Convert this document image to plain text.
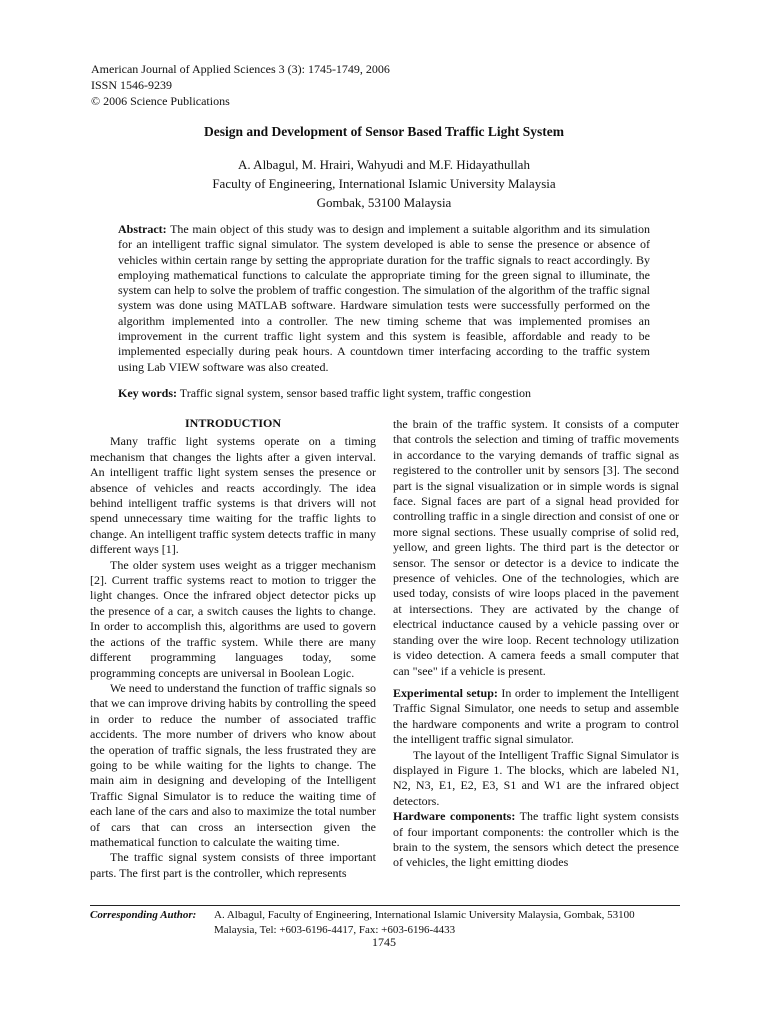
American Journal of Applied Sciences 3 (3): 1745-1749, 2006
ISSN 1546-9239
© 2006 Science Publications
Design and Development of Sensor Based Traffic Light System
A. Albagul, M. Hrairi, Wahyudi and M.F. Hidayathullah
Faculty of Engineering, International Islamic University Malaysia
Gombak, 53100 Malaysia
Abstract: The main object of this study was to design and implement a suitable algorithm and its simulation for an intelligent traffic signal simulator. The system developed is able to sense the presence or absence of vehicles within certain range by setting the appropriate duration for the traffic signals to react accordingly. By employing mathematical functions to calculate the appropriate timing for the green signal to illuminate, the system can help to solve the problem of traffic congestion. The simulation of the algorithm of the traffic signal system was done using MATLAB software. Hardware simulation tests were successfully performed on the algorithm implemented into a controller. The new timing scheme that was implemented promises an improvement in the current traffic light system and this system is feasible, affordable and ready to be implemented especially during peak hours. A countdown timer interfacing according to the traffic system using Lab VIEW software was also created.
Key words: Traffic signal system, sensor based traffic light system, traffic congestion
INTRODUCTION

Many traffic light systems operate on a timing mechanism that changes the lights after a given interval. An intelligent traffic light system senses the presence or absence of vehicles and reacts accordingly. The idea behind intelligent traffic systems is that drivers will not spend unnecessary time waiting for the traffic lights to change. An intelligent traffic system detects traffic in many different ways [1].

The older system uses weight as a trigger mechanism [2]. Current traffic systems react to motion to trigger the light changes. Once the infrared object detector picks up the presence of a car, a switch causes the lights to change. In order to accomplish this, algorithms are used to govern the actions of the traffic system. While there are many different programming languages today, some programming concepts are universal in Boolean Logic.

We need to understand the function of traffic signals so that we can improve driving habits by controlling the speed in order to reduce the number of associated traffic accidents. The more number of drivers who know about the operation of traffic signals, the less frustrated they are going to be while waiting for the lights to change. The main aim in designing and developing of the Intelligent Traffic Signal Simulator is to reduce the waiting time of each lane of the cars and also to maximize the total number of cars that can cross an intersection given the mathematical function to calculate the waiting time.

The traffic signal system consists of three important parts. The first part is the controller, which represents

the brain of the traffic system. It consists of a computer that controls the selection and timing of traffic movements in accordance to the varying demands of traffic signal as registered to the controller unit by sensors [3]. The second part is the signal visualization or in simple words is signal face. Signal faces are part of a signal head provided for controlling traffic in a single direction and consist of one or more signal sections. These usually comprise of solid red, yellow, and green lights. The third part is the detector or sensor. The sensor or detector is a device to indicate the presence of vehicles. One of the technologies, which are used today, consists of wire loops placed in the pavement at intersections. They are activated by the change of electrical inductance caused by a vehicle passing over or standing over the wire loop. Recent technology utilization is video detection. A camera feeds a small computer that can "see" if a vehicle is present.

Experimental setup: In order to implement the Intelligent Traffic Signal Simulator, one needs to setup and assemble the hardware components and write a program to control the intelligent traffic signal simulator.

The layout of the Intelligent Traffic Signal Simulator is displayed in Figure 1. The blocks, which are labeled N1, N2, N3, E1, E2, E3, S1 and W1 are the infrared object detectors.

Hardware components: The traffic light system consists of four important components: the controller which is the brain to the system, the sensors which detect the presence of vehicles, the light emitting diodes

Corresponding Author: A. Albagul, Faculty of Engineering, International Islamic University Malaysia, Gombak, 53100
Malaysia, Tel: +603-6196-4417, Fax: +603-6196-4433
1745
